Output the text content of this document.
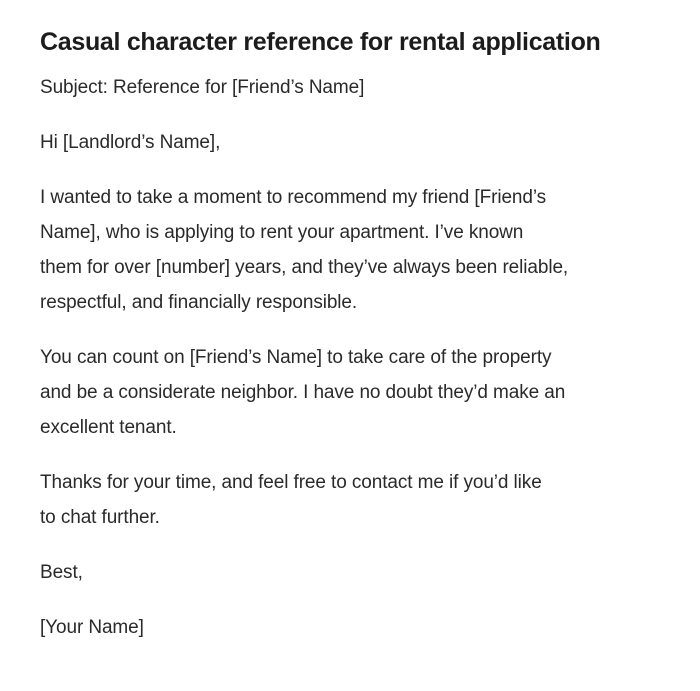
Casual character reference for rental application

Subject: Reference for [Friend’s Name]

Hi [Landlord’s Name],

I wanted to take a moment to recommend my friend [Friend’s
Name], who is applying to rent your apartment. I’ve known
them for over [number] years, and they’ve always been reliable,
respectful, and financially responsible.

You can count on [Friend’s Name] to take care of the property
and be a considerate neighbor. I have no doubt they’d make an
excellent tenant.

Thanks for your time, and feel free to contact me if you’d like
to chat further.

Best,

[Your Name]
